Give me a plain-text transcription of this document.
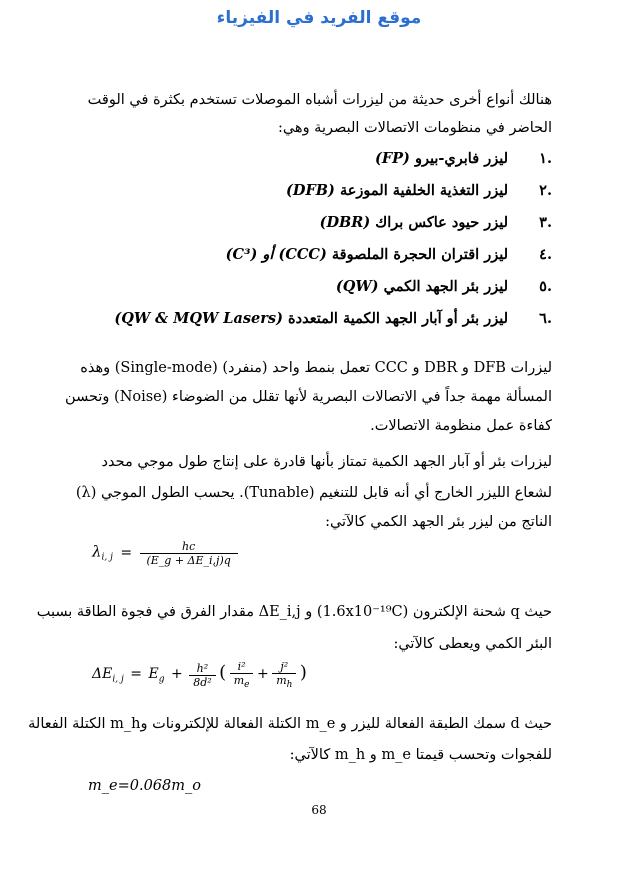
موقع الفريد في الفيزياء
هنالك أنواع أخرى حديثة من ليزرات أشباه الموصلات تستخدم بكثرة في الوقت
الحاضر في منظومات الاتصالات البصرية وهي:
.١
ليزر فابري-بيرو

(FP)
.٢
ليزر التغذية الخلفية الموزعة

(DFB)
.٣
ليزر حيود عاكس براك

(DBR)
.٤
ليزر اقتران الحجرة الملصوقة

(CCC) أو (C³)
.٥
ليزر بئر الجهد الكمي

(QW)
.٦
ليزر بئر أو آبار الجهد الكمية المتعددة

(QW & MQW Lasers)
ليزرات DFB و DBR و CCC تعمل بنمط واحد (منفرد) (Single-mode) وهذه
المسألة مهمة جداً في الاتصالات البصرية لأنها تقلل من الضوضاء (Noise) وتحسن
كفاءة عمل منظومة الاتصالات.
ليزرات بئر أو آبار الجهد الكمية تمتاز بأنها قادرة على إنتاج طول موجي محدد
لشعاع الليزر الخارج أي أنه قابل للتنغيم (Tunable). يحسب الطول الموجي (λ)
الناتج من ليزر بئر الجهد الكمي كالآتي:
$\lambda_{i, j} = \frac{hc}{(E\_g + \Delta E\_i,j)q}$
حيث q شحنة الإلكترون (1.6x10⁻¹⁹C) و ΔE_i,j مقدار الفرق في فجوة الطاقة بسبب
البئر الكمي ويعطى كالآتي:
$\Delta E_{i, j} = E_g + \frac{\text{h²}}{\text{8d²}}$ ( $\frac{\text{i²}}{m_e} + \frac{\text{j²}}{m_h}$ )
حيث d سمك الطبقة الفعالة لليزر و m_e الكتلة الفعالة للإلكترونات وm_h الكتلة الفعالة
للفجوات وتحسب قيمتا m_e و m_h كالآتي:
m_e=0.068m_o
68
